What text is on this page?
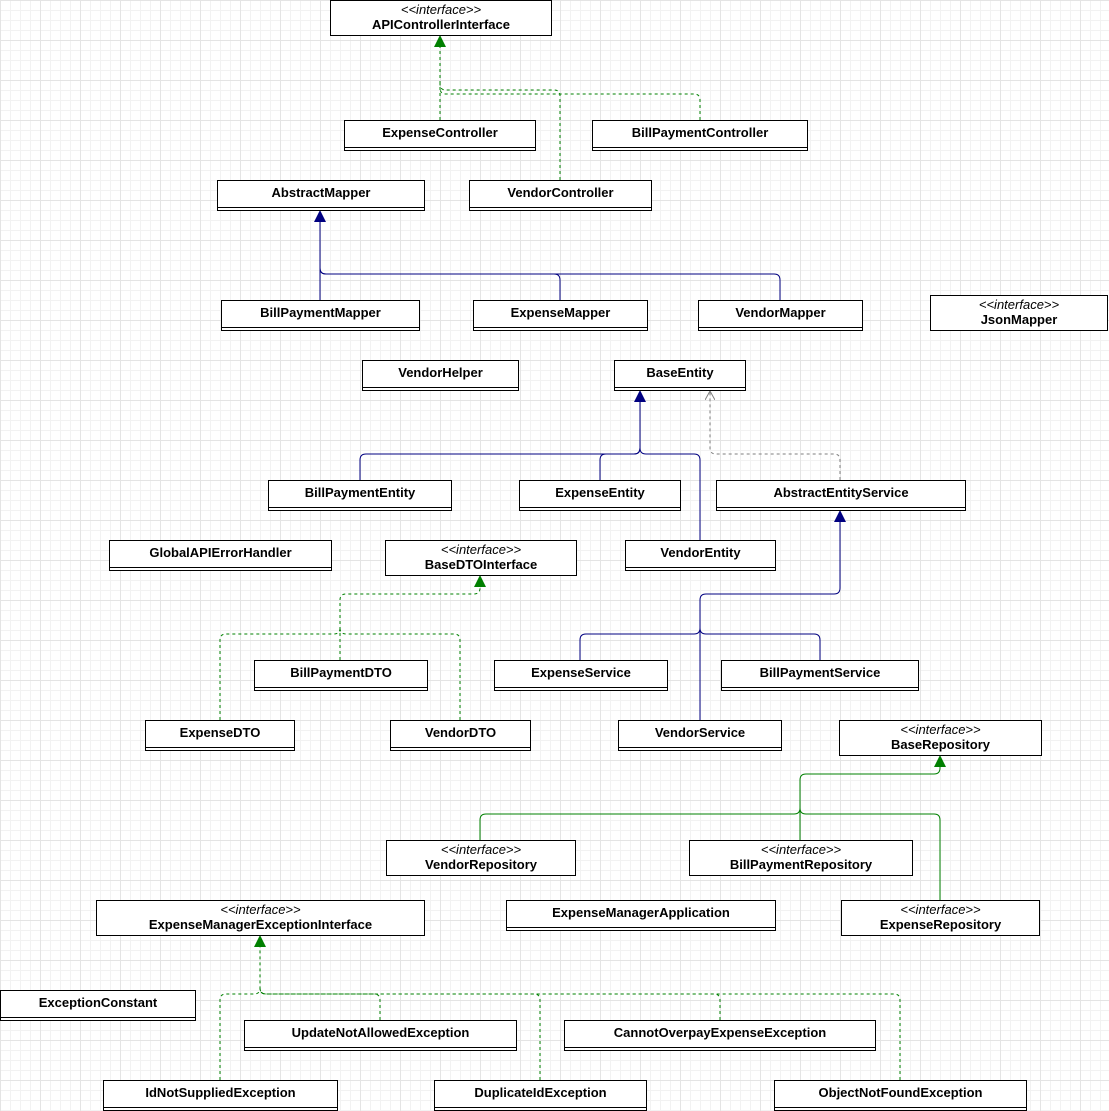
<<interface>>
APIControllerInterface
ExpenseController	BillPaymentController
VendorController
AbstractMapper
BillPaymentMapper	ExpenseMapper	VendorMapper
<<interface>>
JsonMapper
VendorHelper	BaseEntity
BillPaymentEntity	ExpenseEntity	AbstractEntityService
GlobalAPIErrorHandler	<<interface>>
BaseDTOInterface
VendorEntity
BillPaymentDTO	ExpenseService	BillPaymentService
ExpenseDTO	VendorDTO	VendorService	<<interface>>
BaseRepository
<<interface>>
VendorRepository
<<interface>>
BillPaymentRepository
<<interface>>
ExpenseManagerExceptionInterface
ExpenseManagerApplication	<<interface>>
ExpenseRepository
ExceptionConstant
UpdateNotAllowedException	CannotOverpayExpenseException
IdNotSuppliedException	DuplicateIdException	ObjectNotFoundException
